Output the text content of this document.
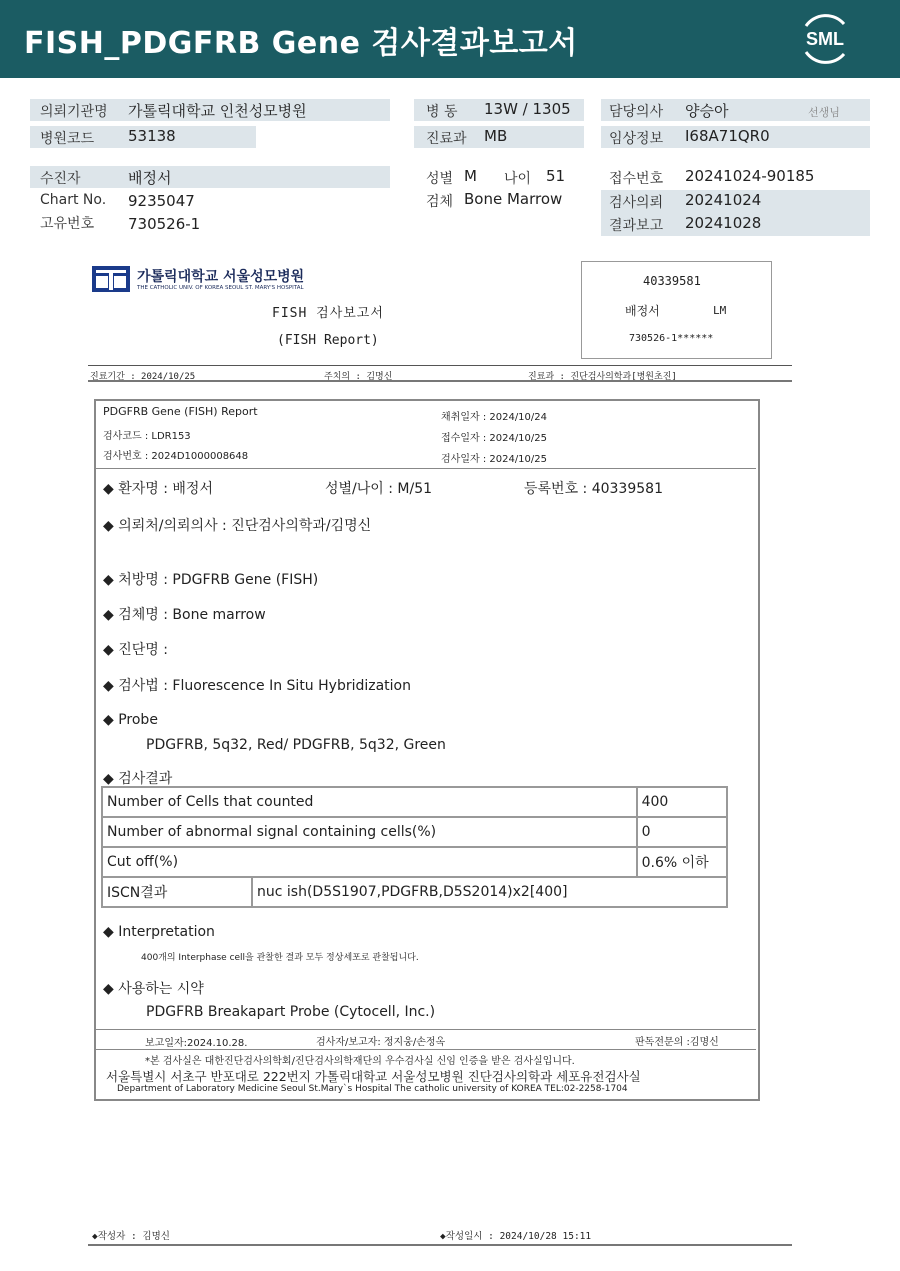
FISH_PDGFRB Gene 검사결과보고서	SML
의뢰기관명 가톨릭대학교 인천성모병원
병원코드 53138
병 동 13W / 1305
진료과 MB
담당의사 양승아	선생님
임상정보 I68A71QR0
수진자	배정서
Chart No. 9235047
고유번호 730526-1
성별 M 나이 51
검체 Bone Marrow
접수번호 20241024-90185
검사의뢰 20241024
결과보고 20241028
가톨릭대학교 서울성모병원
THE CATHOLIC UNIV. OF KOREA SEOUL ST. MARY'S HOSPITAL
FISH 검사보고서
(FISH Report)
40339581
배정서	LM
730526-1******
진료기간 : 2024/10/25	주치의 : 김명신	진료과 : 진단검사의학과[병원초진]
PDGFRB Gene (FISH) Report
검사코드 : LDR153
검사번호 : 2024D1000008648
채취일자 : 2024/10/24
접수일자 : 2024/10/25
검사일자 : 2024/10/25
◆ 환자명 : 배정서	성별/나이 : M/51	등록번호 : 40339581
◆ 의뢰처/의뢰의사 : 진단검사의학과/김명신
◆ 처방명 : PDGFRB Gene (FISH)
◆ 검체명 : Bone marrow
◆ 진단명 :
◆ 검사법 : Fluorescence In Situ Hybridization
◆ Probe
PDGFRB, 5q32, Red/ PDGFRB, 5q32, Green
◆ 검사결과
Number of Cells that counted		400
Number of abnormal signal containing cells(%)		0
Cut off(%)		0.6% 이하
ISCN결과	nuc ish(D5S1907,PDGFRB,D5S2014)x2[400]	
◆ Interpretation
400개의 Interphase cell을 관찰한 결과 모두 정상세포로 관찰됩니다.
◆ 사용하는 시약
PDGFRB Breakapart Probe (Cytocell, Inc.)
보고일자:2024.10.28.	검사자/보고자: 정지웅/손정옥	판독전문의 :김명신
*본 검사실은 대한진단검사의학회/진단검사의학재단의 우수검사실 신임 인증을 받은 검사실입니다.
서울특별시 서초구 반포대로 222번지 가톨릭대학교 서울성모병원 진단검사의학과 세포유전검사실
Department of Laboratory Medicine Seoul St.Mary`s Hospital The catholic university of KOREA TEL:02-2258-1704
◆작성자 : 김명신	◆작성일시 : 2024/10/28 15:11
